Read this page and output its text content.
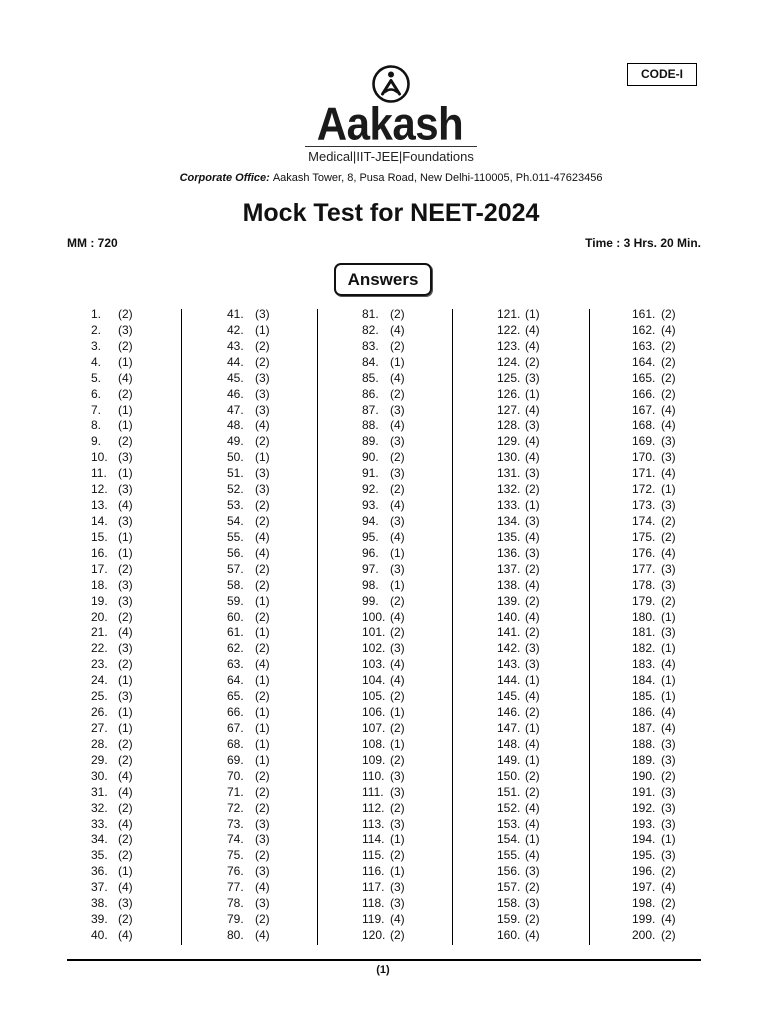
CODE-I
Aakash
Medical|IIT-JEE|Foundations
Corporate Office: Aakash Tower, 8, Pusa Road, New Delhi-110005, Ph.011-47623456
Mock Test for NEET-2024
MM : 720	Time : 3 Hrs. 20 Min.
Answers
1.	(2)
2.	(3)
3.	(2)
4.	(1)
5.	(4)
6.	(2)
7.	(1)
8.	(1)
9.	(2)
10. (3)
11. (1)
12. (3)
13. (4)
14. (3)
15. (1)
16. (1)
17. (2)
18. (3)
19. (3)
20. (2)
21. (4)
22. (3)
23. (2)
24. (1)
25. (3)
26. (1)
27. (1)
28. (2)
29. (2)
30. (4)
31. (4)
32. (2)
33. (4)
34. (2)
35. (2)
36. (1)
37. (4)
38. (3)
39. (2)
40. (4)
41. (3)
42. (1)
43. (2)
44. (2)
45. (3)
46. (3)
47. (3)
48. (4)
49. (2)
50. (1)
51. (3)
52. (3)
53. (2)
54. (2)
55. (4)
56. (4)
57. (2)
58. (2)
59. (1)
60. (2)
61. (1)
62. (2)
63. (4)
64. (1)
65. (2)
66. (1)
67. (1)
68. (1)
69. (1)
70. (2)
71. (2)
72. (2)
73. (3)
74. (3)
75. (2)
76. (3)
77. (4)
78. (3)
79. (2)
80. (4)
81. (2)
82. (4)
83. (2)
84. (1)
85. (4)
86. (2)
87. (3)
88. (4)
89. (3)
90. (2)
91. (3)
92. (2)
93. (4)
94. (3)
95. (4)
96. (1)
97. (3)
98. (1)
99. (2)
100. (4)
101. (2)
102. (3)
103. (4)
104. (4)
105. (2)
106. (1)
107. (2)
108. (1)
109. (2)
110. (3)
111. (3)
112. (2)
113. (3)
114. (1)
115. (2)
116. (1)
117. (3)
118. (3)
119. (4)
120. (2)
121. (1)
122. (4)
123. (4)
124. (2)
125. (3)
126. (1)
127. (4)
128. (3)
129. (4)
130. (4)
131. (3)
132. (2)
133. (1)
134. (3)
135. (4)
136. (3)
137. (2)
138. (4)
139. (2)
140. (4)
141. (2)
142. (3)
143. (3)
144. (1)
145. (4)
146. (2)
147. (1)
148. (4)
149. (1)
150. (2)
151. (2)
152. (4)
153. (4)
154. (1)
155. (4)
156. (3)
157. (2)
158. (3)
159. (2)
160. (4)
161. (2)
162. (4)
163. (2)
164. (2)
165. (2)
166. (2)
167. (4)
168. (4)
169. (3)
170. (3)
171. (4)
172. (1)
173. (3)
174. (2)
175. (2)
176. (4)
177. (3)
178. (3)
179. (2)
180. (1)
181. (3)
182. (1)
183. (4)
184. (1)
185. (1)
186. (4)
187. (4)
188. (3)
189. (3)
190. (2)
191. (3)
192. (3)
193. (3)
194. (1)
195. (3)
196. (2)
197. (4)
198. (2)
199. (4)
200. (2)
(1)
